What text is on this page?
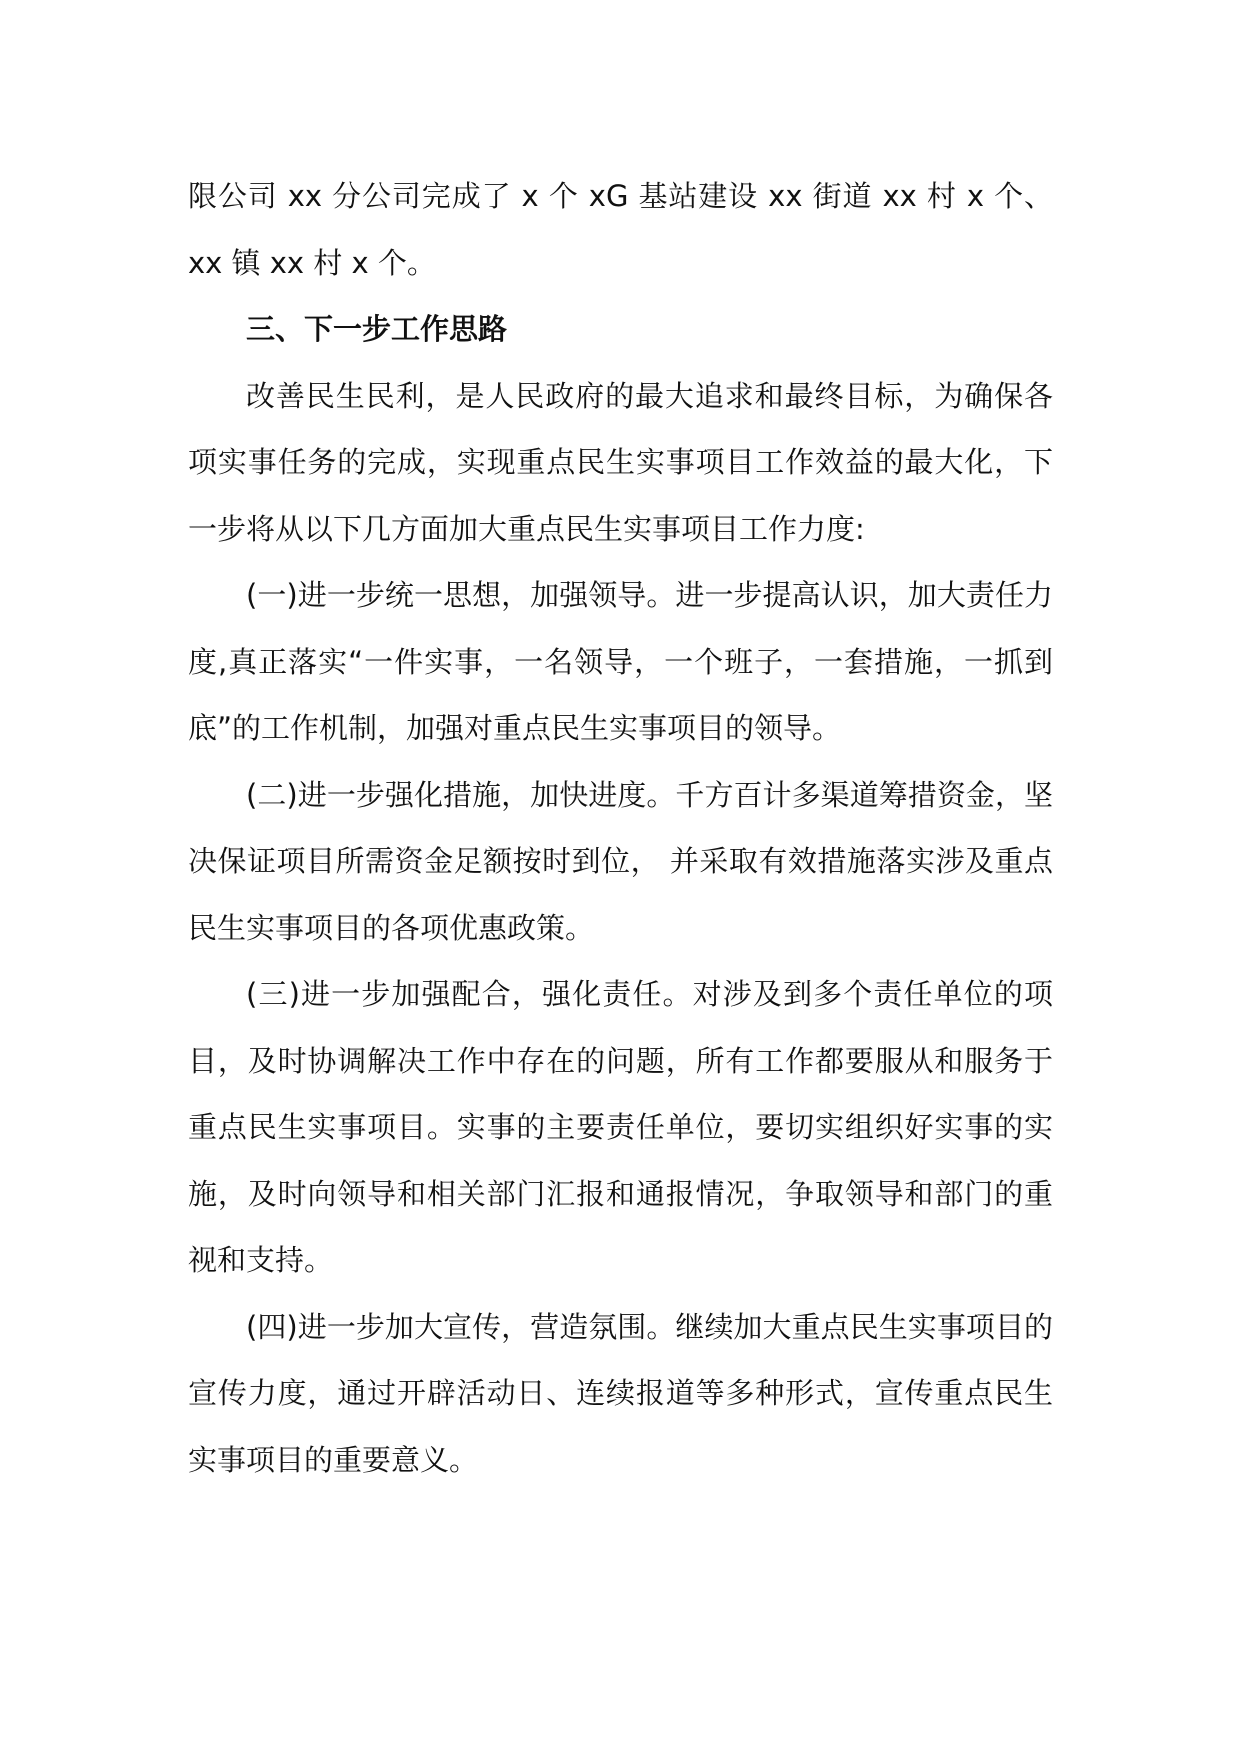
限公司 xx 分公司完成了 x 个 xG 基站建设 xx 街道 xx 村 x 个、xx 镇 xx 村 x 个。

三、下一步工作思路

改善民生民利，是人民政府的最大追求和最终目标，为确保各项实事任务的完成，实现重点民生实事项目工作效益的最大化，下一步将从以下几方面加大重点民生实事项目工作力度:

(一)进一步统一思想，加强领导。进一步提高认识，加大责任力度,真正落实“一件实事，一名领导，一个班子，一套措施，一抓到底”的工作机制，加强对重点民生实事项目的领导。

(二)进一步强化措施，加快进度。千方百计多渠道筹措资金，坚决保证项目所需资金足额按时到位， 并采取有效措施落实涉及重点民生实事项目的各项优惠政策。

(三)进一步加强配合，强化责任。对涉及到多个责任单位的项目，及时协调解决工作中存在的问题，所有工作都要服从和服务于重点民生实事项目。实事的主要责任单位，要切实组织好实事的实施，及时向领导和相关部门汇报和通报情况，争取领导和部门的重视和支持。

(四)进一步加大宣传，营造氛围。继续加大重点民生实事项目的宣传力度，通过开辟活动日、连续报道等多种形式，宣传重点民生实事项目的重要意义。
